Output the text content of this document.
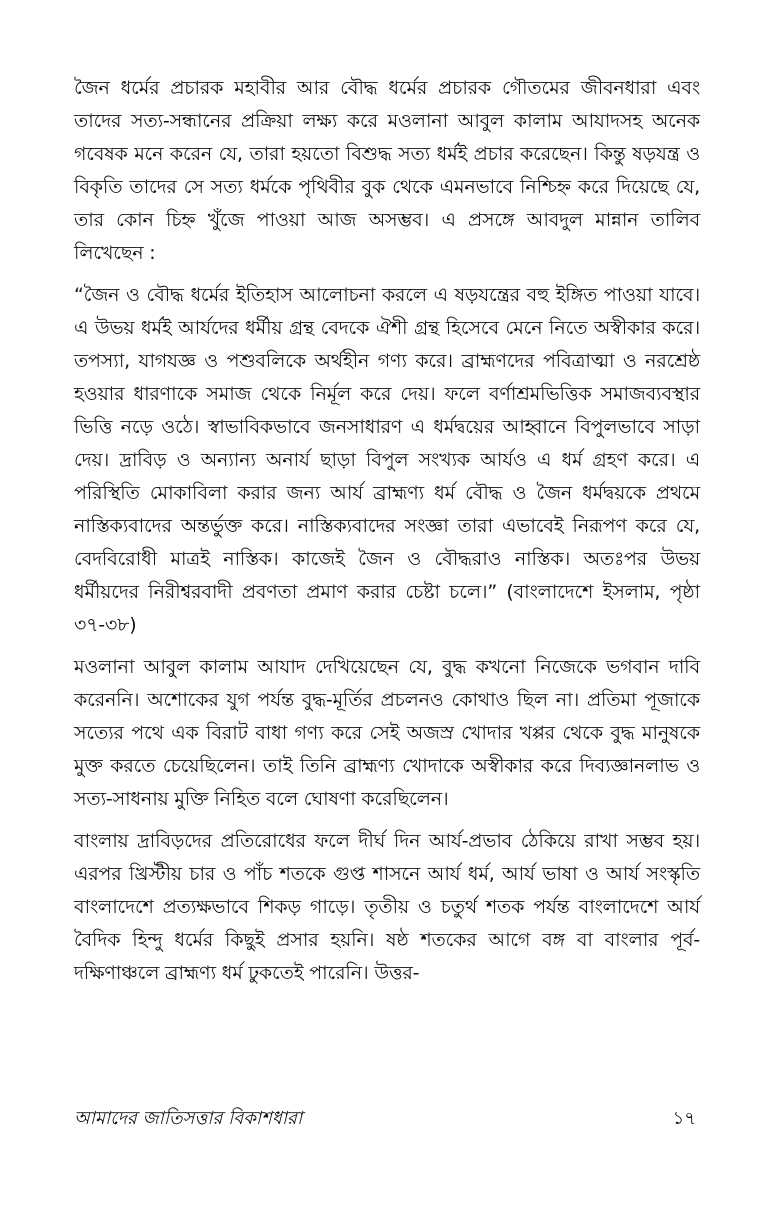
জৈন ধর্মের প্রচারক মহাবীর আর বৌদ্ধ ধর্মের প্রচারক গৌতমের জীবনধারা এবং তাদের সত্য-সন্ধানের প্রক্রিয়া লক্ষ্য করে মওলানা আবুল কালাম আযাদসহ অনেক গবেষক মনে করেন যে, তারা হয়তো বিশুদ্ধ সত্য ধর্মই প্রচার করেছেন। কিন্তু ষড়যন্ত্র ও বিকৃতি তাদের সে সত্য ধর্মকে পৃথিবীর বুক থেকে এমনভাবে নিশ্চিহ্ন করে দিয়েছে যে, তার কোন চিহ্ন খুঁজে পাওয়া আজ অসম্ভব। এ প্রসঙ্গে আবদুল মান্নান তালিব লিখেছেন :

“জৈন ও বৌদ্ধ ধর্মের ইতিহাস আলোচনা করলে এ ষড়যন্ত্রের বহু ইঙ্গিত পাওয়া যাবে। এ উভয় ধর্মই আর্যদের ধর্মীয় গ্রন্থ বেদকে ঐশী গ্রন্থ হিসেবে মেনে নিতে অস্বীকার করে। তপস্যা, যাগযজ্ঞ ও পশুবলিকে অর্থহীন গণ্য করে। ব্রাহ্মণদের পবিত্রাত্মা ও নরশ্রেষ্ঠ হওয়ার ধারণাকে সমাজ থেকে নির্মূল করে দেয়। ফলে বর্ণাশ্রমভিত্তিক সমাজব্যবস্থার ভিত্তি নড়ে ওঠে। স্বাভাবিকভাবে জনসাধারণ এ ধর্মদ্বয়ের আহ্বানে বিপুলভাবে সাড়া দেয়। দ্রাবিড় ও অন্যান্য অনার্য ছাড়া বিপুল সংখ্যক আর্যও এ ধর্ম গ্রহণ করে। এ পরিস্থিতি মোকাবিলা করার জন্য আর্য ব্রাহ্মণ্য ধর্ম বৌদ্ধ ও জৈন ধর্মদ্বয়কে প্রথমে নাস্তিক্যবাদের অন্তর্ভুক্ত করে। নাস্তিক্যবাদের সংজ্ঞা তারা এভাবেই নিরূপণ করে যে, বেদবিরোধী মাত্রই নাস্তিক। কাজেই জৈন ও বৌদ্ধরাও নাস্তিক। অতঃপর উভয় ধর্মীয়দের নিরীশ্বরবাদী প্রবণতা প্রমাণ করার চেষ্টা চলে।” (বাংলাদেশে ইসলাম, পৃষ্ঠা ৩৭-৩৮)

মওলানা আবুল কালাম আযাদ দেখিয়েছেন যে, বুদ্ধ কখনো নিজেকে ভগবান দাবি করেননি। অশোকের যুগ পর্যন্ত বুদ্ধ-মূর্তির প্রচলনও কোথাও ছিল না। প্রতিমা পূজাকে সত্যের পথে এক বিরাট বাধা গণ্য করে সেই অজস্র খোদার খপ্পর থেকে বুদ্ধ মানুষকে মুক্ত করতে চেয়েছিলেন। তাই তিনি ব্রাহ্মণ্য খোদাকে অস্বীকার করে দিব্যজ্ঞানলাভ ও সত্য-সাধনায় মুক্তি নিহিত বলে ঘোষণা করেছিলেন।

বাংলায় দ্রাবিড়দের প্রতিরোধের ফলে দীর্ঘ দিন আর্য-প্রভাব ঠেকিয়ে রাখা সম্ভব হয়। এরপর খ্রিস্টীয় চার ও পাঁচ শতকে গুপ্ত শাসনে আর্য ধর্ম, আর্য ভাষা ও আর্য সংস্কৃতি বাংলাদেশে প্রত্যক্ষভাবে শিকড় গাড়ে। তৃতীয় ও চতুর্থ শতক পর্যন্ত বাংলাদেশে আর্য বৈদিক হিন্দু ধর্মের কিছুই প্রসার হয়নি। ষষ্ঠ শতকের আগে বঙ্গ বা বাংলার পূর্ব-দক্ষিণাঞ্চলে ব্রাহ্মণ্য ধর্ম ঢুকতেই পারেনি। উত্তর-

আমাদের জাতিসত্তার বিকাশধারা	১৭
